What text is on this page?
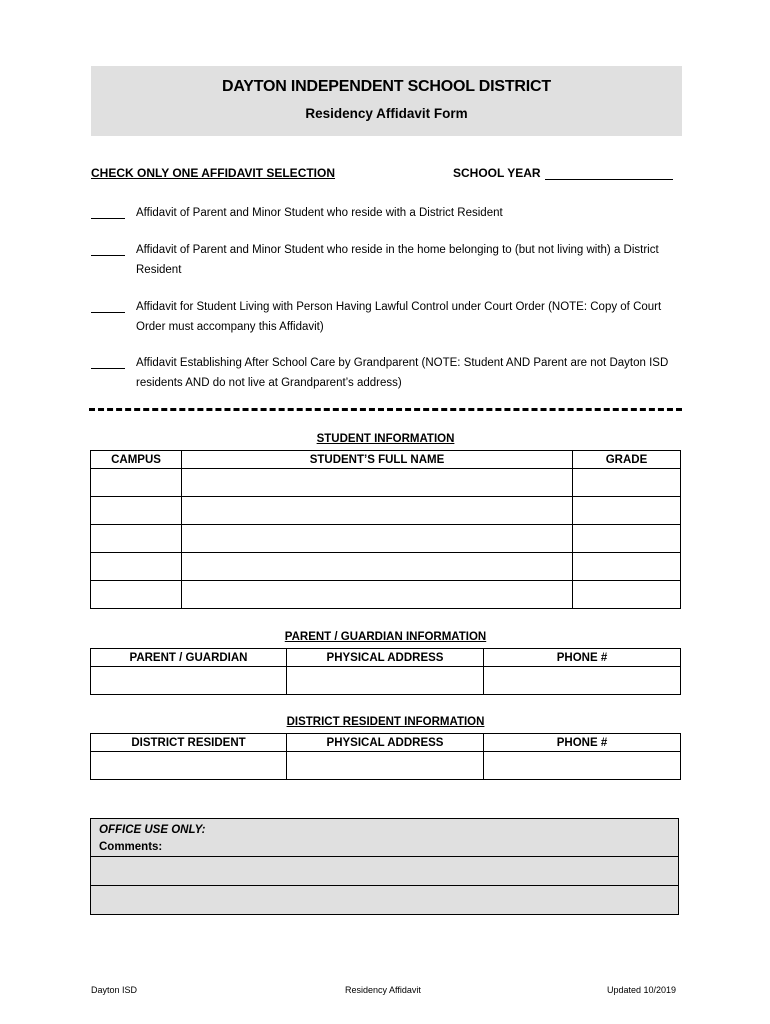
DAYTON INDEPENDENT SCHOOL DISTRICT
Residency Affidavit Form
CHECK ONLY ONE AFFIDAVIT SELECTION	SCHOOL YEAR
Affidavit of Parent and Minor Student who reside with a District Resident
Affidavit of Parent and Minor Student who reside in the home belonging to (but not living with) a District Resident
Affidavit for Student Living with Person Having Lawful Control under Court Order (NOTE: Copy of Court Order must accompany this Affidavit)
Affidavit Establishing After School Care by Grandparent (NOTE: Student AND Parent are not Dayton ISD residents AND do not live at Grandparent’s address)
STUDENT INFORMATION
CAMPUS	STUDENT’S FULL NAME	GRADE

PARENT / GUARDIAN INFORMATION
PARENT / GUARDIAN	PHYSICAL ADDRESS	PHONE #

DISTRICT RESIDENT INFORMATION
DISTRICT RESIDENT	PHYSICAL ADDRESS	PHONE #

OFFICE USE ONLY:
Comments:

Dayton ISD	Residency Affidavit	Updated 10/2019
